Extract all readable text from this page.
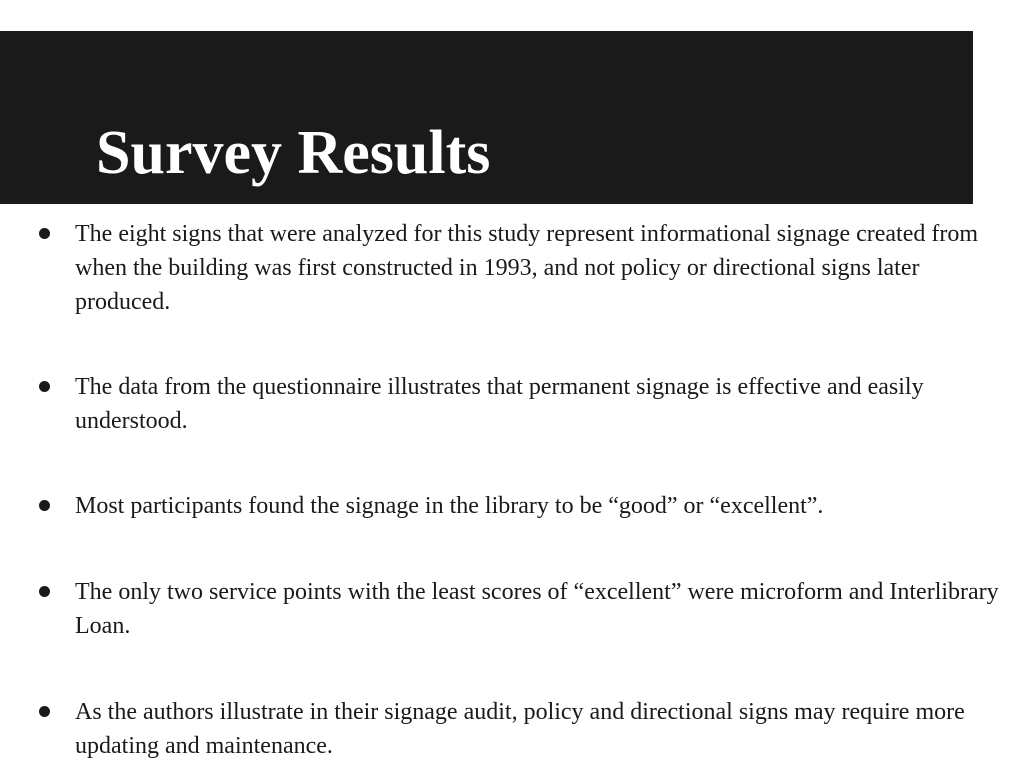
Survey Results
The eight signs that were analyzed for this study represent informational signage created from when the building was first constructed in 1993, and not policy or directional signs later produced.
The data from the questionnaire illustrates that permanent signage is effective and easily understood.
Most participants found the signage in the library to be “good” or “excellent”.
The only two service points with the least scores of “excellent” were microform and Interlibrary Loan.
As the authors illustrate in their signage audit, policy and directional signs may require more updating and maintenance.
